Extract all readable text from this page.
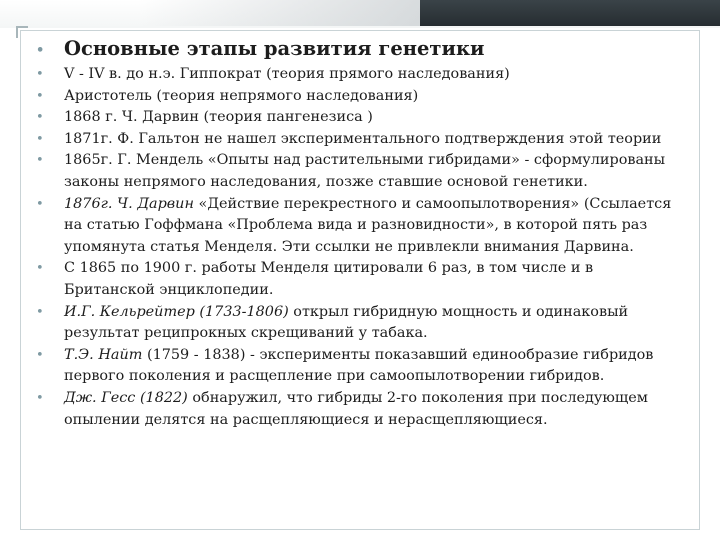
• Основные этапы развития генетики
• V - IV в. до н.э. Гиппократ (теория прямого наследования)
• Аристотель (теория непрямого наследования)
• 1868 г. Ч. Дарвин (теория пангенезиса )
• 1871г. Ф. Гальтон не нашел экспериментального подтверждения этой теории
• 1865г. Г. Мендель «Опыты над растительными гибридами» - сформулированы законы непрямого наследования, позже ставшие основой генетики.
• 1876г. Ч. Дарвин «Действие перекрестного и самоопылотворения» (Ссылается на статью Гоффмана «Проблема вида и разновидности», в которой пять раз упомянута статья Менделя. Эти ссылки не привлекли внимания Дарвина.
• С 1865 по 1900 г. работы Менделя цитировали 6 раз, в том числе и в Британской энциклопедии.
• И.Г. Кельрейтер (1733-1806) открыл гибридную мощность и одинаковый результат реципрокных скрещиваний у табака.
• Т.Э. Найт (1759 - 1838) - эксперименты показавший единообразие гибридов первого поколения и расщепление при самоопылотворении гибридов.
• Дж. Гесс (1822) обнаружил, что гибриды 2-го поколения при последующем опылении делятся на расщепляющиеся и нерасщепляющиеся.
